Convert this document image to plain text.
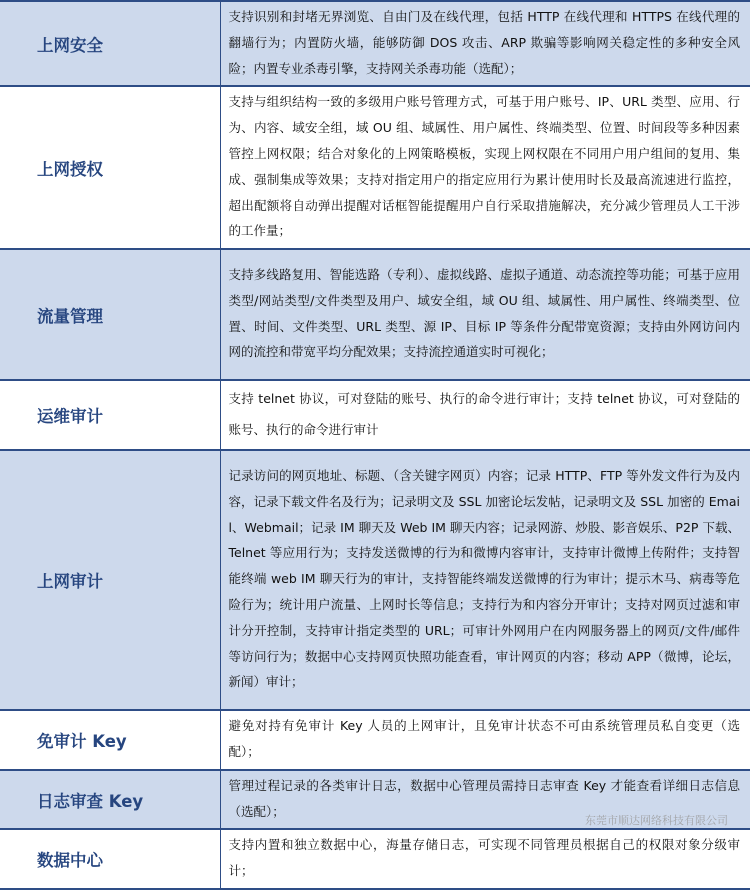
上网安全	支持识别和封堵无界浏览、自由门及在线代理，包括 HTTP 在线代理和 HTTPS 在线代理的翻墙行为；内置防火墙，能够防御 DOS 攻击、ARP 欺骗等影响网关稳定性的多种安全风险；内置专业杀毒引擎，支持网关杀毒功能（选配）；
上网授权	支持与组织结构一致的多级用户账号管理方式，可基于用户账号、IP、URL 类型、应用、行为、内容、域安全组，域 OU 组、域属性、用户属性、终端类型、位置、时间段等多种因素管控上网权限；结合对象化的上网策略模板，实现上网权限在不同用户用户组间的复用、集成、强制集成等效果；支持对指定用户的指定应用行为累计使用时长及最高流速进行监控，超出配额将自动弹出提醒对话框智能提醒用户自行采取措施解决，充分减少管理员人工干涉的工作量；
流量管理	支持多线路复用、智能选路（专利）、虚拟线路、虚拟子通道、动态流控等功能；可基于应用类型/网站类型/文件类型及用户、域安全组，域 OU 组、域属性、用户属性、终端类型、位置、时间、文件类型、URL 类型、源 IP、目标 IP 等条件分配带宽资源；支持由外网访问内网的流控和带宽平均分配效果；支持流控通道实时可视化；
运维审计	支持 telnet 协议，可对登陆的账号、执行的命令进行审计；支持 telnet 协议，可对登陆的账号、执行的命令进行审计
上网审计	记录访问的网页地址、标题、（含关键字网页）内容；记录 HTTP、FTP 等外发文件行为及内容，记录下载文件名及行为；记录明文及 SSL 加密论坛发帖，记录明文及 SSL 加密的 Email、Webmail；记录 IM 聊天及 Web IM 聊天内容；记录网游、炒股、影音娱乐、P2P 下载、Telnet 等应用行为；支持发送微博的行为和微博内容审计，支持审计微博上传附件；支持智能终端 web IM 聊天行为的审计，支持智能终端发送微博的行为审计；提示木马、病毒等危险行为；统计用户流量、上网时长等信息；支持行为和内容分开审计；支持对网页过滤和审计分开控制，支持审计指定类型的 URL；可审计外网用户在内网服务器上的网页/文件/邮件等访问行为；数据中心支持网页快照功能查看，审计网页的内容；移动 APP（微博，论坛，新闻）审计；
免审计 Key	避免对持有免审计 Key 人员的上网审计，且免审计状态不可由系统管理员私自变更（选配）；
日志审查 Key	管理过程记录的各类审计日志，数据中心管理员需持日志审查 Key 才能查看详细日志信息（选配）；
数据中心	支持内置和独立数据中心，海量存储日志，可实现不同管理员根据自己的权限对象分级审计；
东莞市顺达网络科技有限公司
